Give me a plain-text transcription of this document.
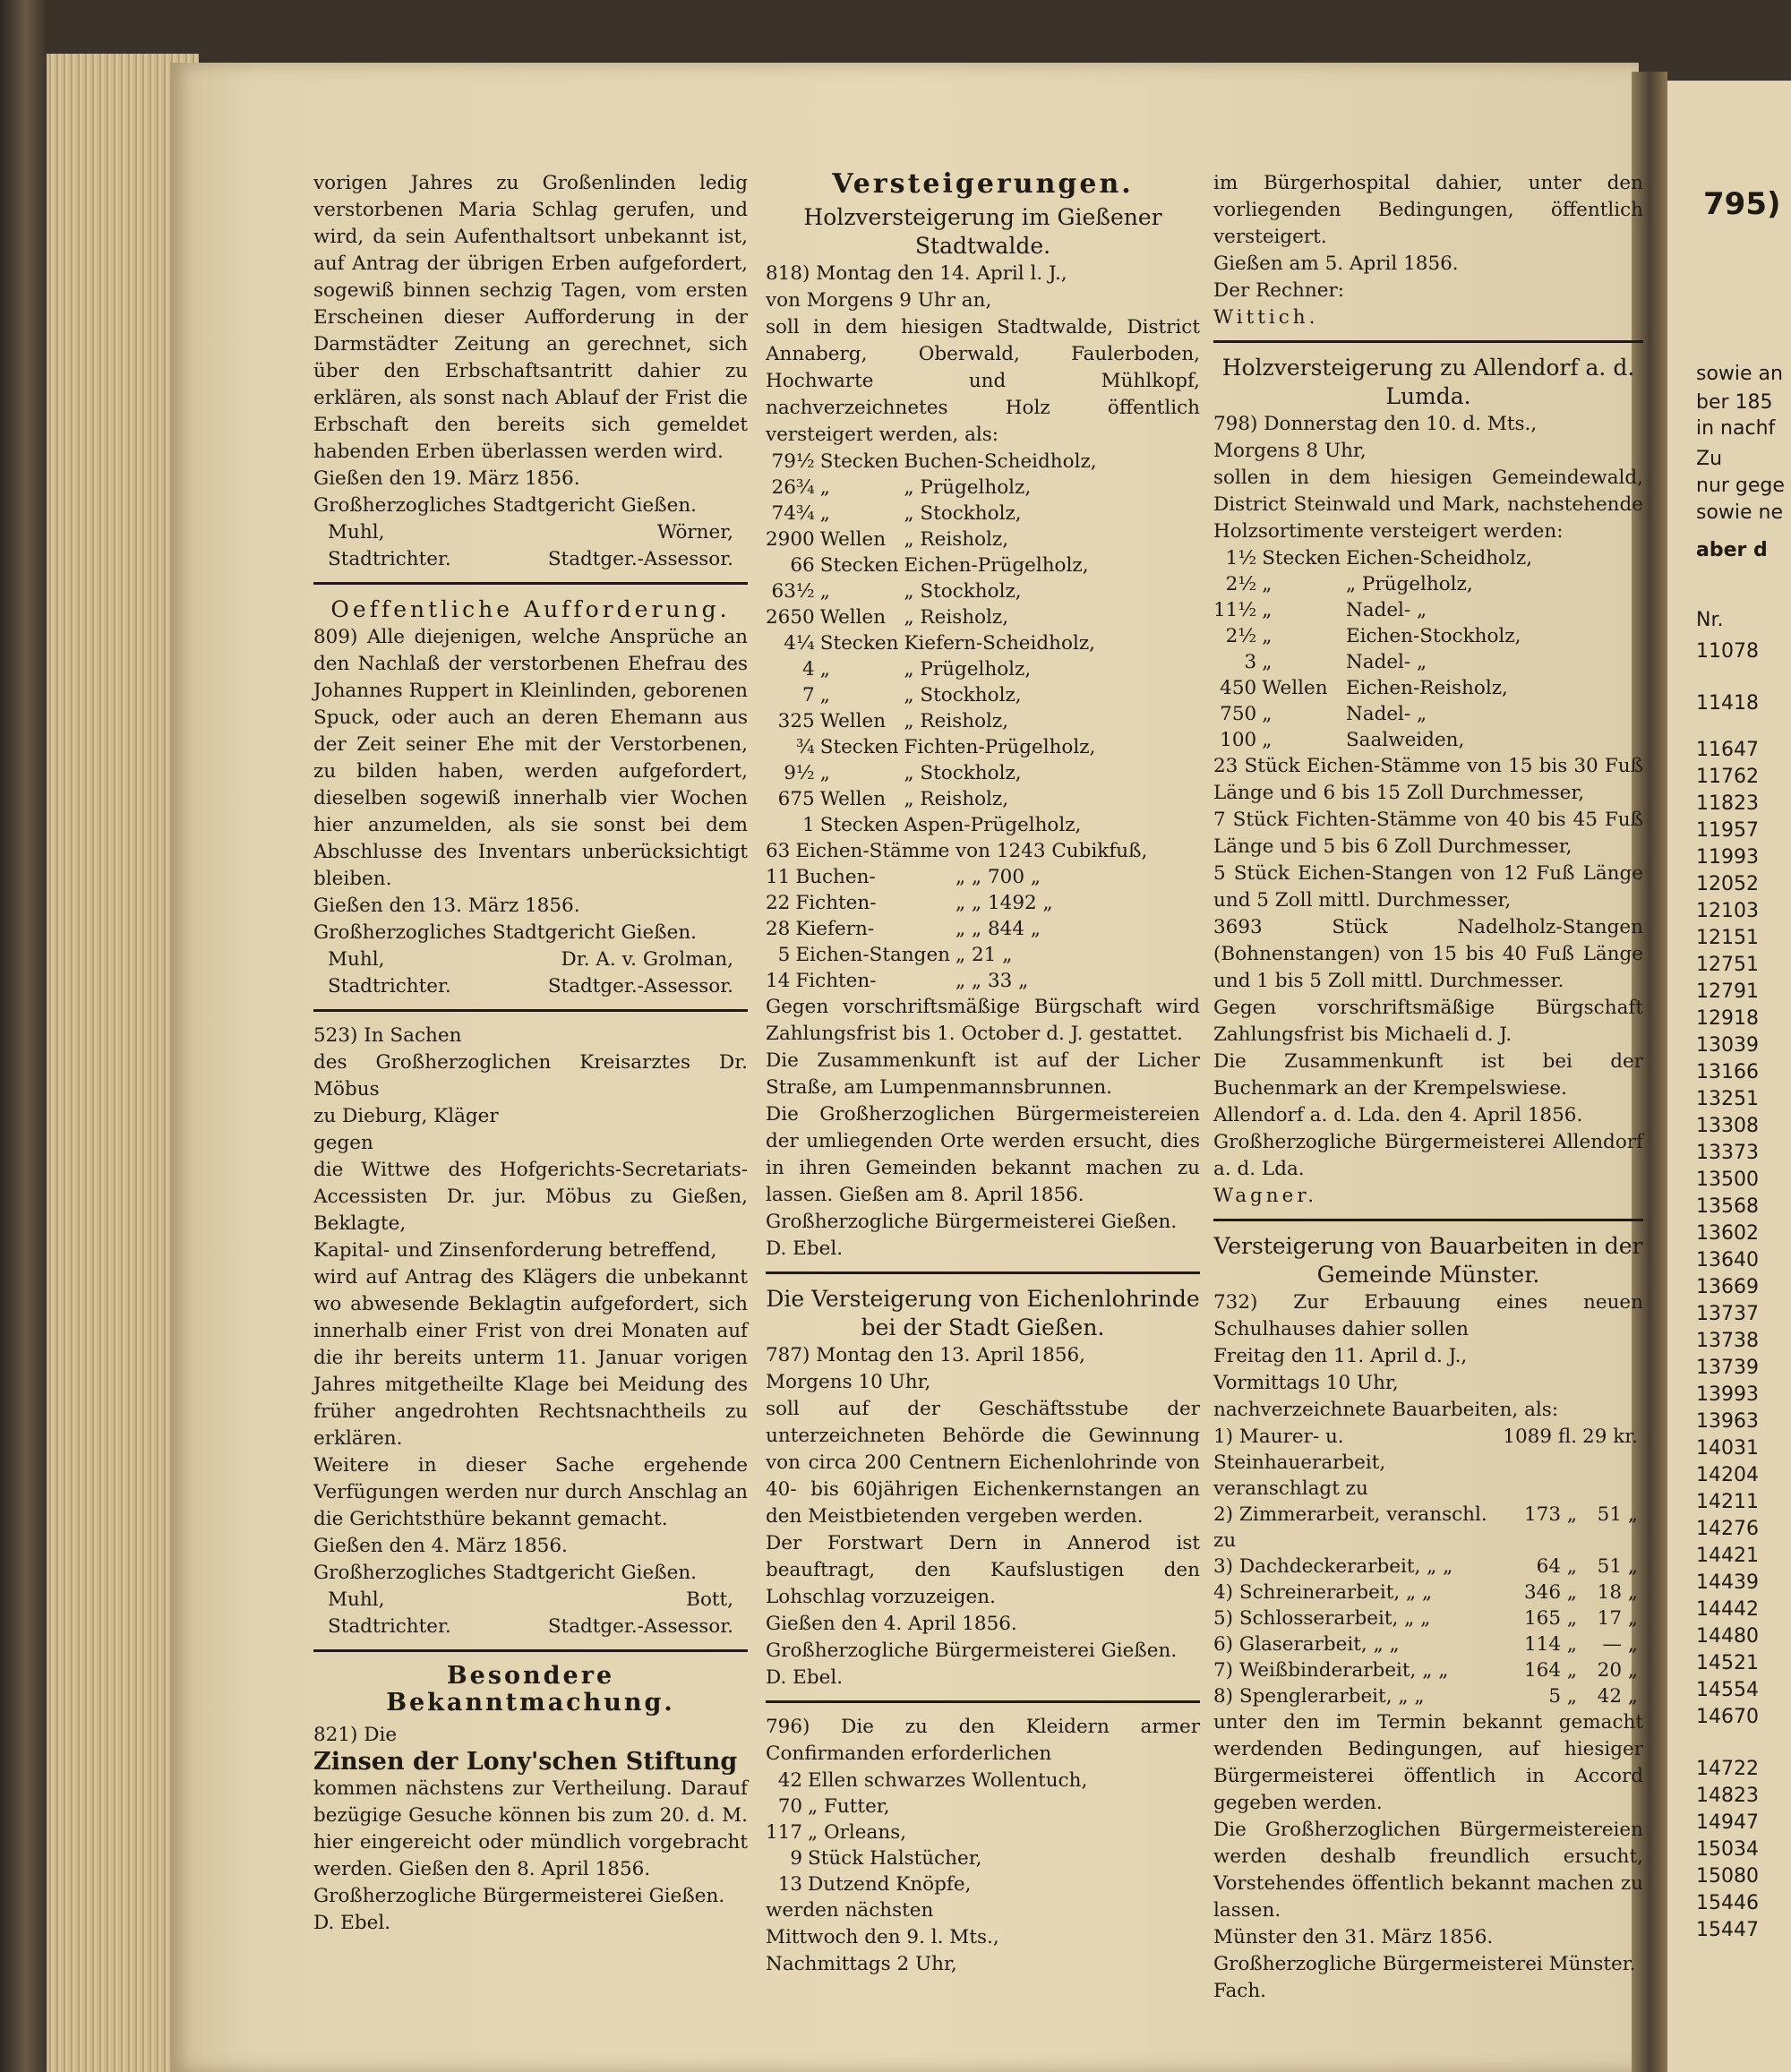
vorigen Jahres zu Großenlinden ledig verstorbenen Maria Schlag gerufen, und wird, da sein Aufenthaltsort unbekannt ist, auf Antrag der übrigen Erben aufgefordert, sogewiß binnen sechzig Tagen, vom ersten Erscheinen dieser Aufforderung in der Darmstädter Zeitung an gerechnet, sich über den Erbschaftsantritt dahier zu erklären, als sonst nach Ablauf der Frist die Erbschaft den bereits sich gemeldet habenden Erben überlassen werden wird.

Gießen den 19. März 1856.

Großherzogliches Stadtgericht Gießen.

Muhl,	Wörner,
Stadtrichter.	Stadtger.-Assessor.
Oeffentliche Aufforderung.

809) Alle diejenigen, welche Ansprüche an den Nachlaß der verstorbenen Ehefrau des Johannes Ruppert in Kleinlinden, geborenen Spuck, oder auch an deren Ehemann aus der Zeit seiner Ehe mit der Verstorbenen, zu bilden haben, werden aufgefordert, dieselben sogewiß innerhalb vier Wochen hier anzumelden, als sie sonst bei dem Abschlusse des Inventars unberücksichtigt bleiben.

Gießen den 13. März 1856.

Großherzogliches Stadtgericht Gießen.

Muhl,	Dr. A. v. Grolman,
Stadtrichter.	Stadtger.-Assessor.

523) In Sachen

des Großherzoglichen Kreisarztes Dr. Möbus

zu Dieburg, Kläger

gegen

die Wittwe des Hofgerichts-Secretariats-Accessisten Dr. jur. Möbus zu Gießen, Beklagte,

Kapital- und Zinsenforderung betreffend,

wird auf Antrag des Klägers die unbekannt wo abwesende Beklagtin aufgefordert, sich innerhalb einer Frist von drei Monaten auf die ihr bereits unterm 11. Januar vorigen Jahres mitgetheilte Klage bei Meidung des früher angedrohten Rechtsnachtheils zu erklären.

Weitere in dieser Sache ergehende Verfügungen werden nur durch Anschlag an die Gerichtsthüre bekannt gemacht.

Gießen den 4. März 1856.

Großherzogliches Stadtgericht Gießen.

Muhl,	Bott,
Stadtrichter.	Stadtger.-Assessor.
Besondere Bekanntmachung.

821) Die

Zinsen der Lony'schen Stiftung

kommen nächstens zur Vertheilung. Darauf bezügige Gesuche können bis zum 20. d. M. hier eingereicht oder mündlich vorgebracht werden. Gießen den 8. April 1856.

Großherzogliche Bürgermeisterei Gießen.

D. Ebel.

Versteigerungen.
Holzversteigerung im Gießener Stadtwalde.

818) Montag den 14. April l. J.,

von Morgens 9 Uhr an,

soll in dem hiesigen Stadtwalde, District Annaberg, Oberwald, Faulerboden, Hochwarte und Mühlkopf, nachverzeichnetes Holz öffentlich versteigert werden, als:

79½	Stecken	Buchen-Scheidholz,
26¾	„	„ Prügelholz,
74¾	„	„ Stockholz,
2900	Wellen	„ Reisholz,
66	Stecken	Eichen-Prügelholz,
63½	„	„ Stockholz,
2650	Wellen	„ Reisholz,
4¼	Stecken	Kiefern-Scheidholz,
4	„	„ Prügelholz,
7	„	„ Stockholz,
325	Wellen	„ Reisholz,
¾	Stecken	Fichten-Prügelholz,
9½	„	„ Stockholz,
675	Wellen	„ Reisholz,
1	Stecken	Aspen-Prügelholz,
63	Eichen-Stämme	von 1243 Cubikfuß,
11	Buchen-	„ „ 700 „
22	Fichten-	„ „ 1492 „
28	Kiefern-	„ „ 844 „
5	Eichen-Stangen	„ 21 „
14	Fichten-	„ „ 33 „

Gegen vorschriftsmäßige Bürgschaft wird Zahlungsfrist bis 1. October d. J. gestattet.

Die Zusammenkunft ist auf der Licher Straße, am Lumpenmannsbrunnen.

Die Großherzoglichen Bürgermeistereien der umliegenden Orte werden ersucht, dies in ihren Gemeinden bekannt machen zu lassen. Gießen am 8. April 1856.

Großherzogliche Bürgermeisterei Gießen.

D. Ebel.

Die Versteigerung von Eichenlohrinde bei der Stadt Gießen.

787) Montag den 13. April 1856,

Morgens 10 Uhr,

soll auf der Geschäftsstube der unterzeichneten Behörde die Gewinnung von circa 200 Centnern Eichenlohrinde von 40- bis 60jährigen Eichenkernstangen an den Meistbietenden vergeben werden.

Der Forstwart Dern in Annerod ist beauftragt, den Kaufslustigen den Lohschlag vorzuzeigen.

Gießen den 4. April 1856.

Großherzogliche Bürgermeisterei Gießen.

D. Ebel.

796) Die zu den Kleidern armer Confirmanden erforderlichen

42	Ellen schwarzes Wollentuch,
70	„ Futter,
117	„ Orleans,
9	Stück Halstücher,
13	Dutzend Knöpfe,

werden nächsten

Mittwoch den 9. l. Mts.,

Nachmittags 2 Uhr,

im Bürgerhospital dahier, unter den vorliegenden Bedingungen, öffentlich versteigert.

Gießen am 5. April 1856.

Der Rechner:

Wittich.

Holzversteigerung zu Allendorf a. d. Lumda.

798) Donnerstag den 10. d. Mts.,

Morgens 8 Uhr,

sollen in dem hiesigen Gemeindewald, District Steinwald und Mark, nachstehende Holzsortimente versteigert werden:

1½	Stecken	Eichen-Scheidholz,
2½	„	„ Prügelholz,
11½	„	Nadel- „
2½	„	Eichen-Stockholz,
3	„	Nadel- „
450	Wellen	Eichen-Reisholz,
750	„	Nadel- „
100	„	Saalweiden,

23 Stück Eichen-Stämme von 15 bis 30 Fuß Länge und 6 bis 15 Zoll Durchmesser,

7 Stück Fichten-Stämme von 40 bis 45 Fuß Länge und 5 bis 6 Zoll Durchmesser,

5 Stück Eichen-Stangen von 12 Fuß Länge und 5 Zoll mittl. Durchmesser,

3693 Stück Nadelholz-Stangen (Bohnenstangen) von 15 bis 40 Fuß Länge und 1 bis 5 Zoll mittl. Durchmesser.

Gegen vorschriftsmäßige Bürgschaft Zahlungsfrist bis Michaeli d. J.

Die Zusammenkunft ist bei der Buchenmark an der Krempelswiese.

Allendorf a. d. Lda. den 4. April 1856.

Großherzogliche Bürgermeisterei Allendorf a. d. Lda.

Wagner.

Versteigerung von Bauarbeiten in der Gemeinde Münster.

732) Zur Erbauung eines neuen Schulhauses dahier sollen

Freitag den 11. April d. J.,

Vormittags 10 Uhr,

nachverzeichnete Bauarbeiten, als:

1) Maurer- u. Steinhauerarbeit, veranschlagt zu	1089 fl.	29 kr.
2) Zimmerarbeit, veranschl. zu	173 „	51 „
3) Dachdeckerarbeit, „ „	64 „	51 „
4) Schreinerarbeit, „ „	346 „	18 „
5) Schlosserarbeit, „ „	165 „	17 „
6) Glaserarbeit, „ „	114 „	— „
7) Weißbinderarbeit, „ „	164 „	20 „
8) Spenglerarbeit, „ „	5 „	42 „

unter den im Termin bekannt gemacht werdenden Bedingungen, auf hiesiger Bürgermeisterei öffentlich in Accord gegeben werden.

Die Großherzoglichen Bürgermeistereien werden deshalb freundlich ersucht, Vorstehendes öffentlich bekannt machen zu lassen.

Münster den 31. März 1856.

Großherzogliche Bürgermeisterei Münster.

Fach.

795)
sowie an
ber 185
in nachf
Zu
nur gege
sowie ne
aber d
Nr.
11078
11418
11647
11762
11823
11957
11993
12052
12103
12151
12751
12791
12918
13039
13166
13251
13308
13373
13500
13568
13602
13640
13669
13737
13738
13739
13993
13963
14031
14204
14211
14276
14421
14439
14442
14480
14521
14554
14670
14722
14823
14947
15034
15080
15446
15447
